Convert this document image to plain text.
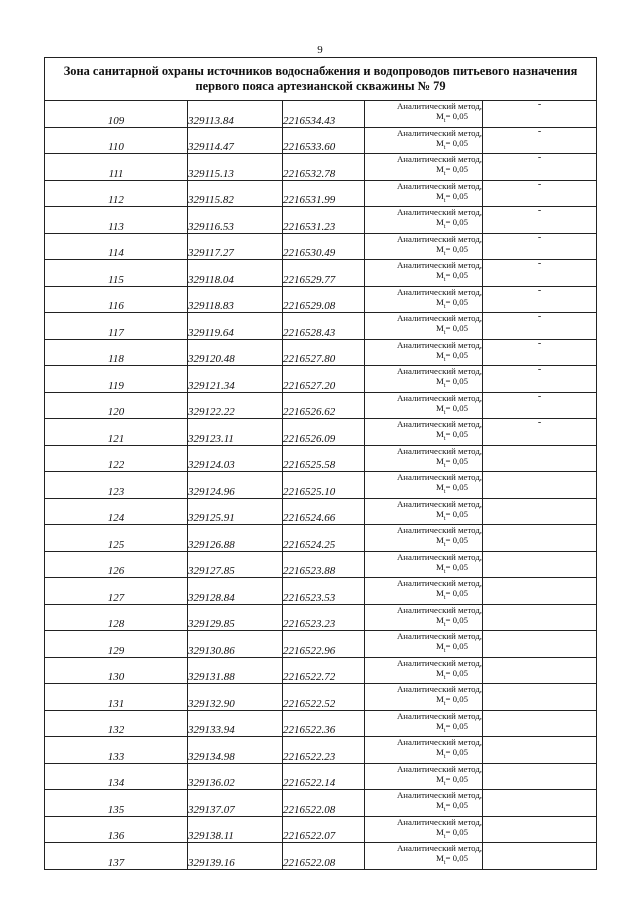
9
Зона санитарной охраны источников водоснабжения и водопроводов питьевого назначения первого пояса артезианской скважины № 79				
109	329113.84	2216534.43	Аналитический метод,
$M_t= 0,05$	-
110	329114.47	2216533.60	Аналитический метод,
$M_t= 0,05$	-
111	329115.13	2216532.78	Аналитический метод,
$M_t= 0,05$	-
112	329115.82	2216531.99	Аналитический метод,
$M_t= 0,05$	-
113	329116.53	2216531.23	Аналитический метод,
$M_t= 0,05$	-
114	329117.27	2216530.49	Аналитический метод,
$M_t= 0,05$	-
115	329118.04	2216529.77	Аналитический метод,
$M_t= 0,05$	-
116	329118.83	2216529.08	Аналитический метод,
$M_t= 0,05$	-
117	329119.64	2216528.43	Аналитический метод,
$M_t= 0,05$	-
118	329120.48	2216527.80	Аналитический метод,
$M_t= 0,05$	-
119	329121.34	2216527.20	Аналитический метод,
$M_t= 0,05$	-
120	329122.22	2216526.62	Аналитический метод,
$M_t= 0,05$	-
121	329123.11	2216526.09	Аналитический метод,
$M_t= 0,05$	-
122	329124.03	2216525.58	Аналитический метод,
$M_t= 0,05$	

123	329124.96	2216525.10	Аналитический метод,
$M_t= 0,05$	

124	329125.91	2216524.66	Аналитический метод,
$M_t= 0,05$	

125	329126.88	2216524.25	Аналитический метод,
$M_t= 0,05$	

126	329127.85	2216523.88	Аналитический метод,
$M_t= 0,05$	

127	329128.84	2216523.53	Аналитический метод,
$M_t= 0,05$	

128	329129.85	2216523.23	Аналитический метод,
$M_t= 0,05$	

129	329130.86	2216522.96	Аналитический метод,
$M_t= 0,05$	

130	329131.88	2216522.72	Аналитический метод,
$M_t= 0,05$	

131	329132.90	2216522.52	Аналитический метод,
$M_t= 0,05$	

132	329133.94	2216522.36	Аналитический метод,
$M_t= 0,05$	

133	329134.98	2216522.23	Аналитический метод,
$M_t= 0,05$	

134	329136.02	2216522.14	Аналитический метод,
$M_t= 0,05$	

135	329137.07	2216522.08	Аналитический метод,
$M_t= 0,05$	

136	329138.11	2216522.07	Аналитический метод,
$M_t= 0,05$	

137	329139.16	2216522.08	Аналитический метод,
$M_t= 0,05$	
